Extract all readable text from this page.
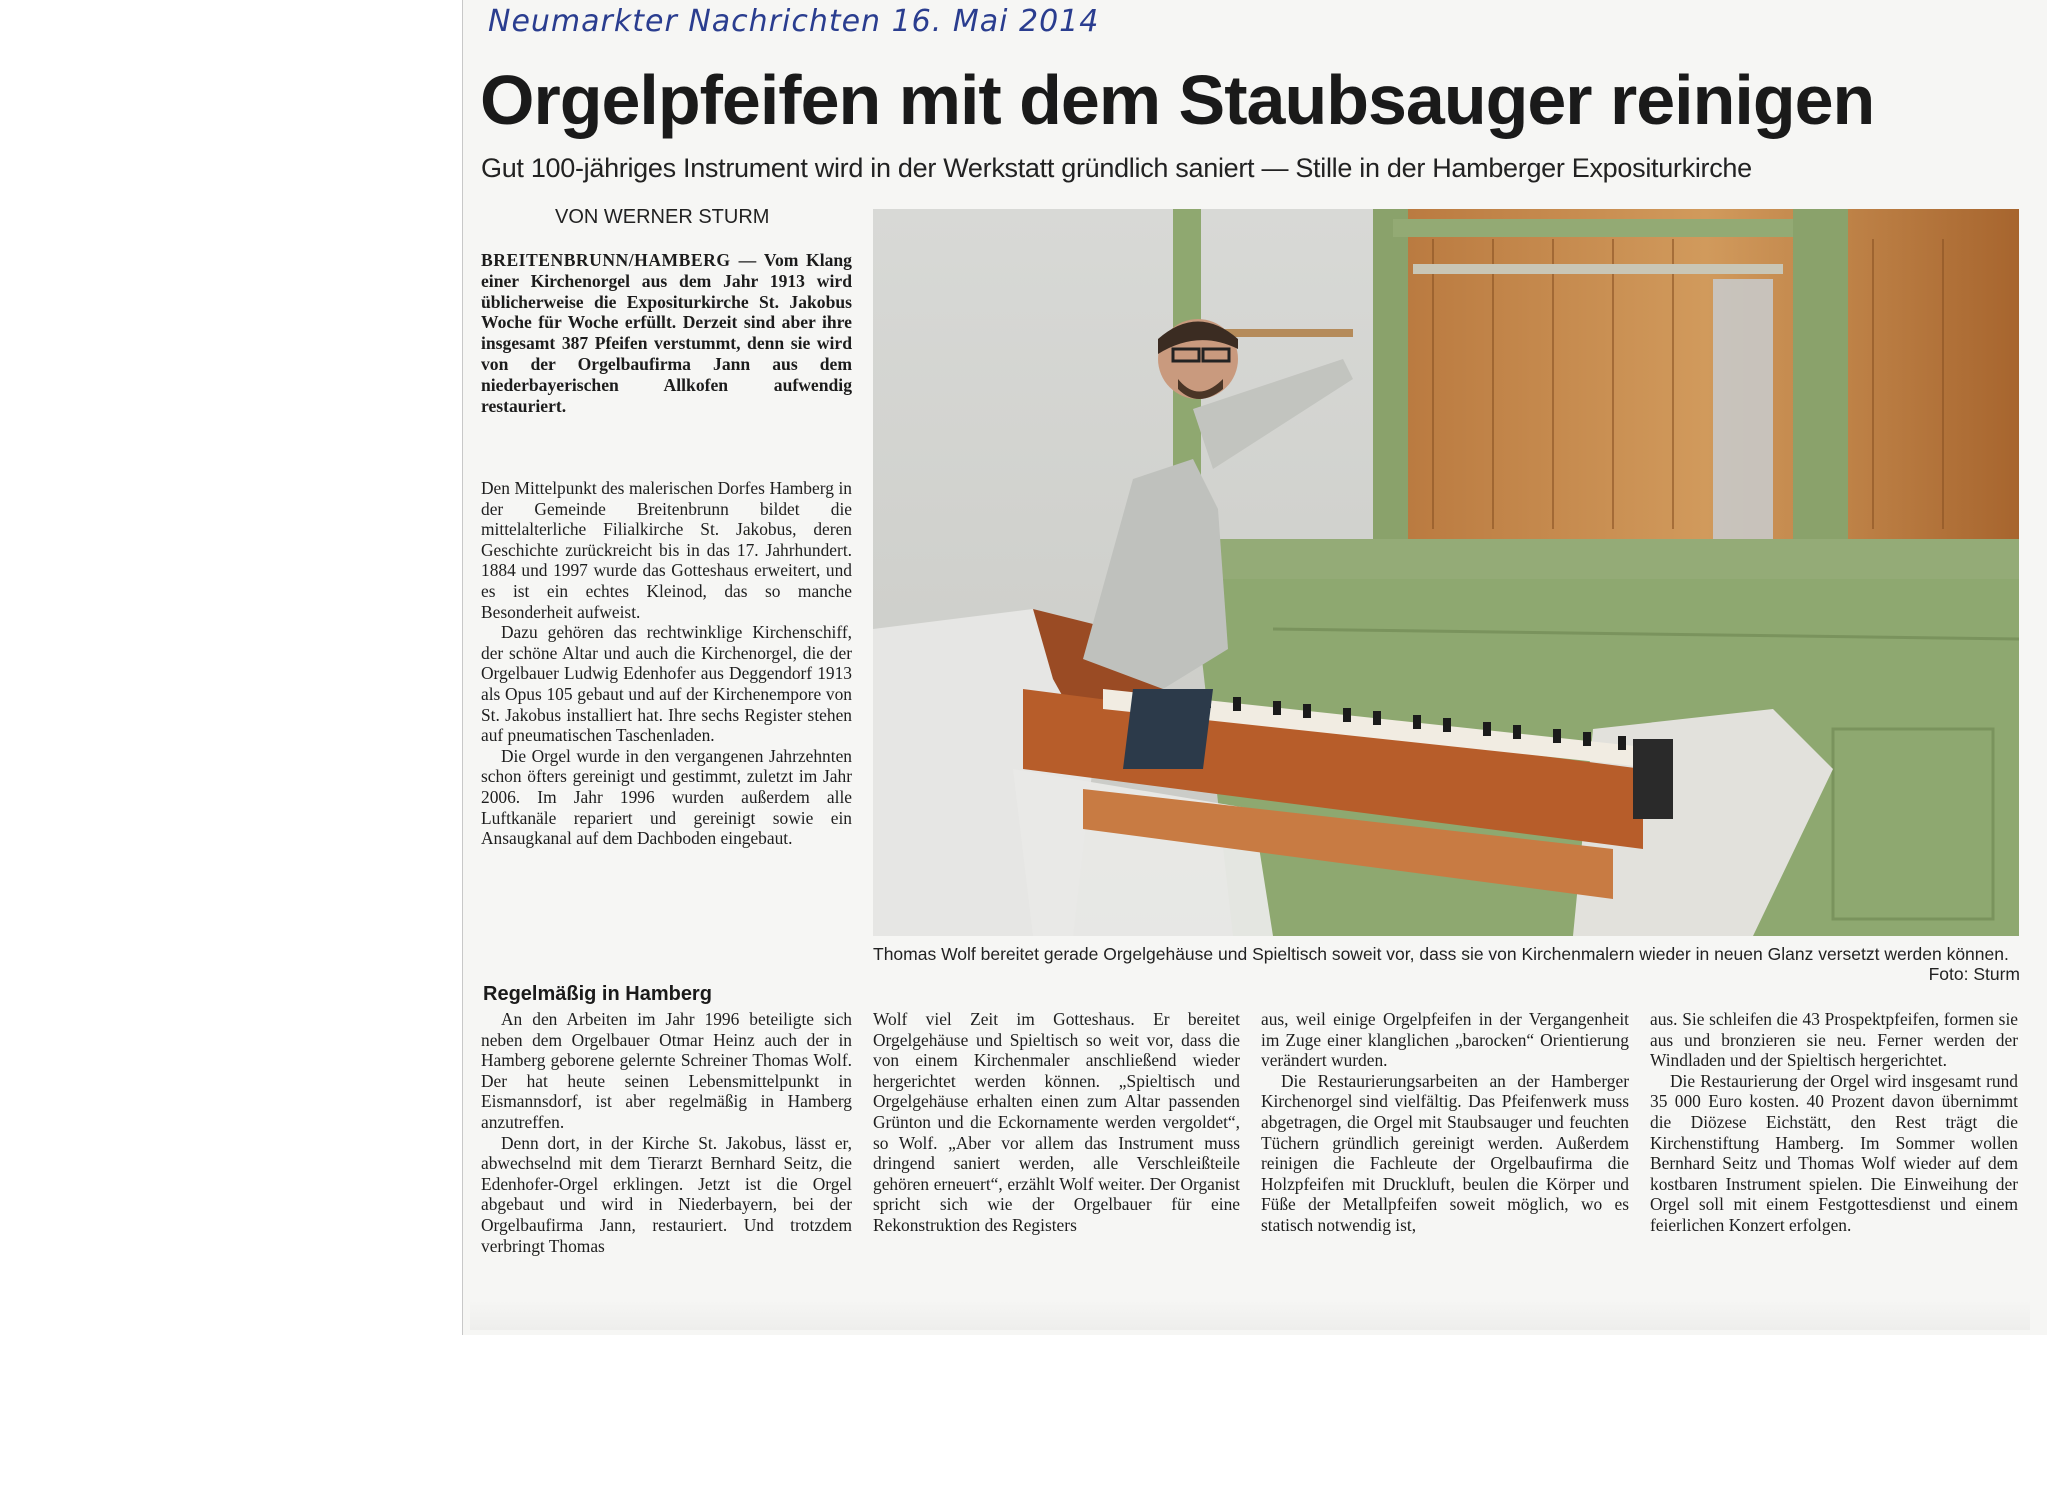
Neumarkter Nachrichten 16. Mai 2014
Orgelpfeifen mit dem Staubsauger reinigen
Gut 100-jähriges Instrument wird in der Werkstatt gründlich saniert — Stille in der Hamberger Expositurkirche
VON WERNER STURM
BREITENBRUNN/HAMBERG — Vom Klang einer Kirchenorgel aus dem Jahr 1913 wird üblicherweise die Expositurkirche St. Jakobus Woche für Woche erfüllt. Derzeit sind aber ihre insgesamt 387 Pfeifen verstummt, denn sie wird von der Orgelbaufirma Jann aus dem niederbayerischen Allkofen aufwendig restauriert.

Den Mittelpunkt des malerischen Dorfes Hamberg in der Gemeinde Breitenbrunn bildet die mittelalterliche Filialkirche St. Jakobus, deren Geschichte zurückreicht bis in das 17. Jahrhundert. 1884 und 1997 wurde das Gotteshaus erweitert, und es ist ein echtes Kleinod, das so manche Besonderheit aufweist.

Dazu gehören das rechtwinklige Kirchenschiff, der schöne Altar und auch die Kirchenorgel, die der Orgelbauer Ludwig Edenhofer aus Deggendorf 1913 als Opus 105 gebaut und auf der Kirchenempore von St. Jakobus installiert hat. Ihre sechs Register stehen auf pneumatischen Taschenladen.

Die Orgel wurde in den vergangenen Jahrzehnten schon öfters gereinigt und gestimmt, zuletzt im Jahr 2006. Im Jahr 1996 wurden außerdem alle Luftkanäle repariert und gereinigt sowie ein Ansaugkanal auf dem Dachboden eingebaut.

Regelmäßig in Hamberg

An den Arbeiten im Jahr 1996 beteiligte sich neben dem Orgelbauer Otmar Heinz auch der in Hamberg geborene gelernte Schreiner Thomas Wolf. Der hat heute seinen Lebensmittelpunkt in Eismannsdorf, ist aber regelmäßig in Hamberg anzutreffen.

Denn dort, in der Kirche St. Jakobus, lässt er, abwechselnd mit dem Tierarzt Bernhard Seitz, die Edenhofer-Orgel erklingen. Jetzt ist die Orgel abgebaut und wird in Niederbayern, bei der Orgelbaufirma Jann, restauriert. Und trotzdem verbringt Thomas

Thomas Wolf bereitet gerade Orgelgehäuse und Spieltisch soweit vor, dass sie von Kirchenmalern wieder in neuen Glanz versetzt werden können.
Foto: Sturm

Wolf viel Zeit im Gotteshaus. Er bereitet Orgelgehäuse und Spieltisch so weit vor, dass die von einem Kirchenmaler anschließend wieder hergerichtet werden können. „Spieltisch und Orgelgehäuse erhalten einen zum Altar passenden Grünton und die Eckornamente werden vergoldet“, so Wolf. „Aber vor allem das Instrument muss dringend saniert werden, alle Verschleißteile gehören erneuert“, erzählt Wolf weiter. Der Organist spricht sich wie der Orgelbauer für eine Rekonstruktion des Registers

aus, weil einige Orgelpfeifen in der Vergangenheit im Zuge einer klanglichen „barocken“ Orientierung verändert wurden.

Die Restaurierungsarbeiten an der Hamberger Kirchenorgel sind vielfältig. Das Pfeifenwerk muss abgetragen, die Orgel mit Staubsauger und feuchten Tüchern gründlich gereinigt werden. Außerdem reinigen die Fachleute der Orgelbaufirma die Holzpfeifen mit Druckluft, beulen die Körper und Füße der Metallpfeifen soweit möglich, wo es statisch notwendig ist,

aus. Sie schleifen die 43 Prospektpfeifen, formen sie aus und bronzieren sie neu. Ferner werden der Windladen und der Spieltisch hergerichtet.

Die Restaurierung der Orgel wird insgesamt rund 35 000 Euro kosten. 40 Prozent davon übernimmt die Diözese Eichstätt, den Rest trägt die Kirchenstiftung Hamberg. Im Sommer wollen Bernhard Seitz und Thomas Wolf wieder auf dem kostbaren Instrument spielen. Die Einweihung der Orgel soll mit einem Festgottesdienst und einem feierlichen Konzert erfolgen.
